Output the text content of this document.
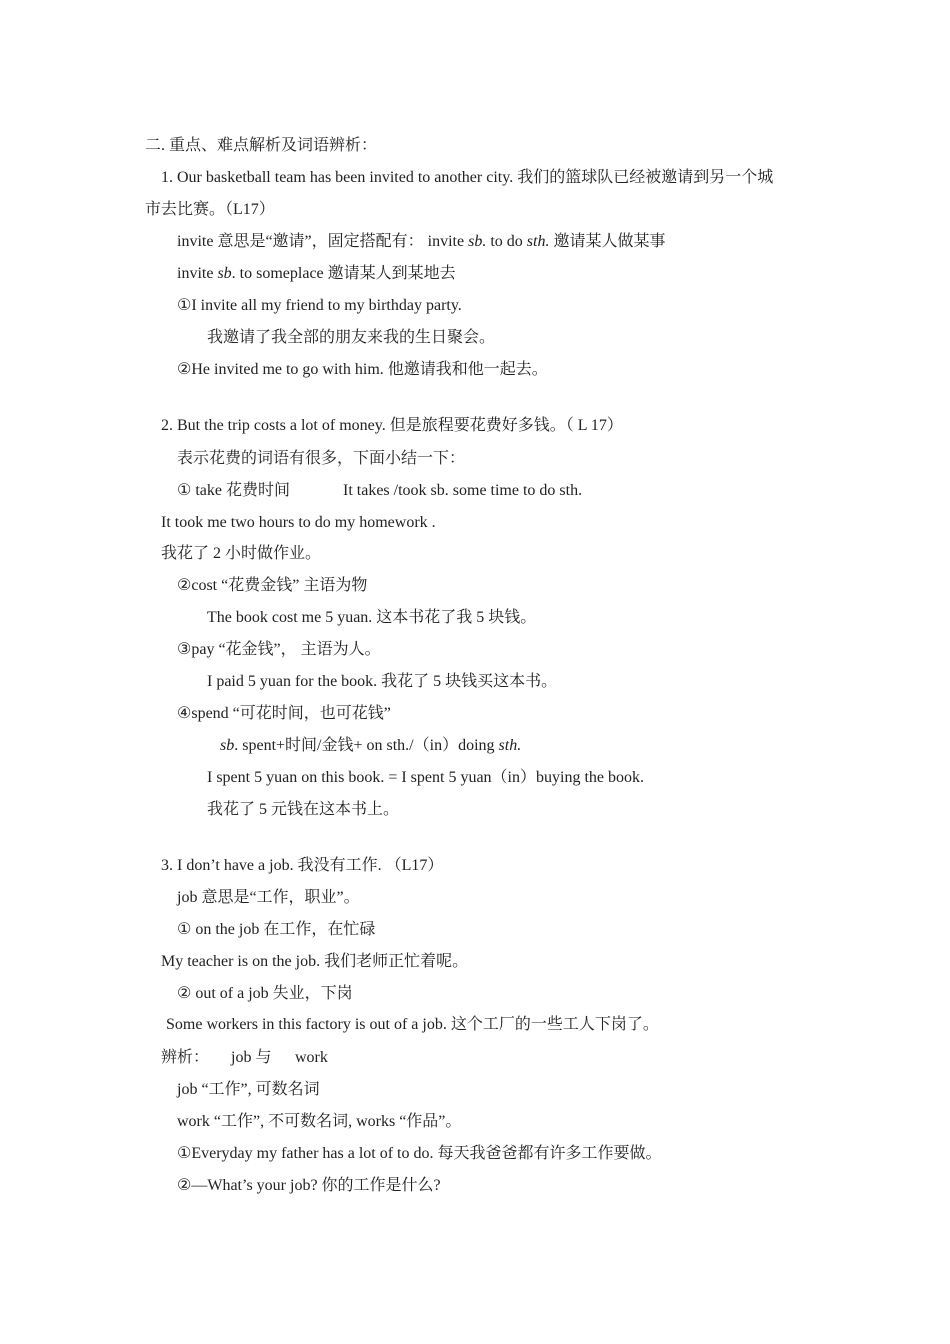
二. 重点、难点解析及词语辨析：
1. Our basketball team has been invited to another city. 我们的篮球队已经被邀请到另一个城
市去比赛。（L17）
invite 意思是“邀请”，固定搭配有： invite sb. to do sth. 邀请某人做某事
invite sb. to someplace 邀请某人到某地去
①I invite all my friend to my birthday party.
我邀请了我全部的朋友来我的生日聚会。
②He invited me to go with him. 他邀请我和他一起去。
2. But the trip costs a lot of money. 但是旅程要花费好多钱。（ L 17）
表示花费的词语有很多，下面小结一下：
① take 花费时间	It takes /took sb. some time to do sth.
It took me two hours to do my homework .
我花了 2 小时做作业。
②cost “花费金钱” 主语为物
The book cost me 5 yuan. 这本书花了我 5 块钱。
③pay “花金钱”， 主语为人。
I paid 5 yuan for the book. 我花了 5 块钱买这本书。
④spend “可花时间，也可花钱”
sb. spent+时间/金钱+ on sth./（in）doing sth.
I spent 5 yuan on this book. = I spent 5 yuan（in）buying the book.
我花了 5 元钱在这本书上。
3. I don’t have a job. 我没有工作. （L17）
job 意思是“工作，职业”。
① on the job 在工作，在忙碌
My teacher is on the job. 我们老师正忙着呢。
② out of a job 失业，下岗
Some workers in this factory is out of a job. 这个工厂的一些工人下岗了。
辨析： job 与 work
job “工作”, 可数名词
work “工作”, 不可数名词, works “作品”。
①Everyday my father has a lot of to do. 每天我爸爸都有许多工作要做。
②—What’s your job? 你的工作是什么?
